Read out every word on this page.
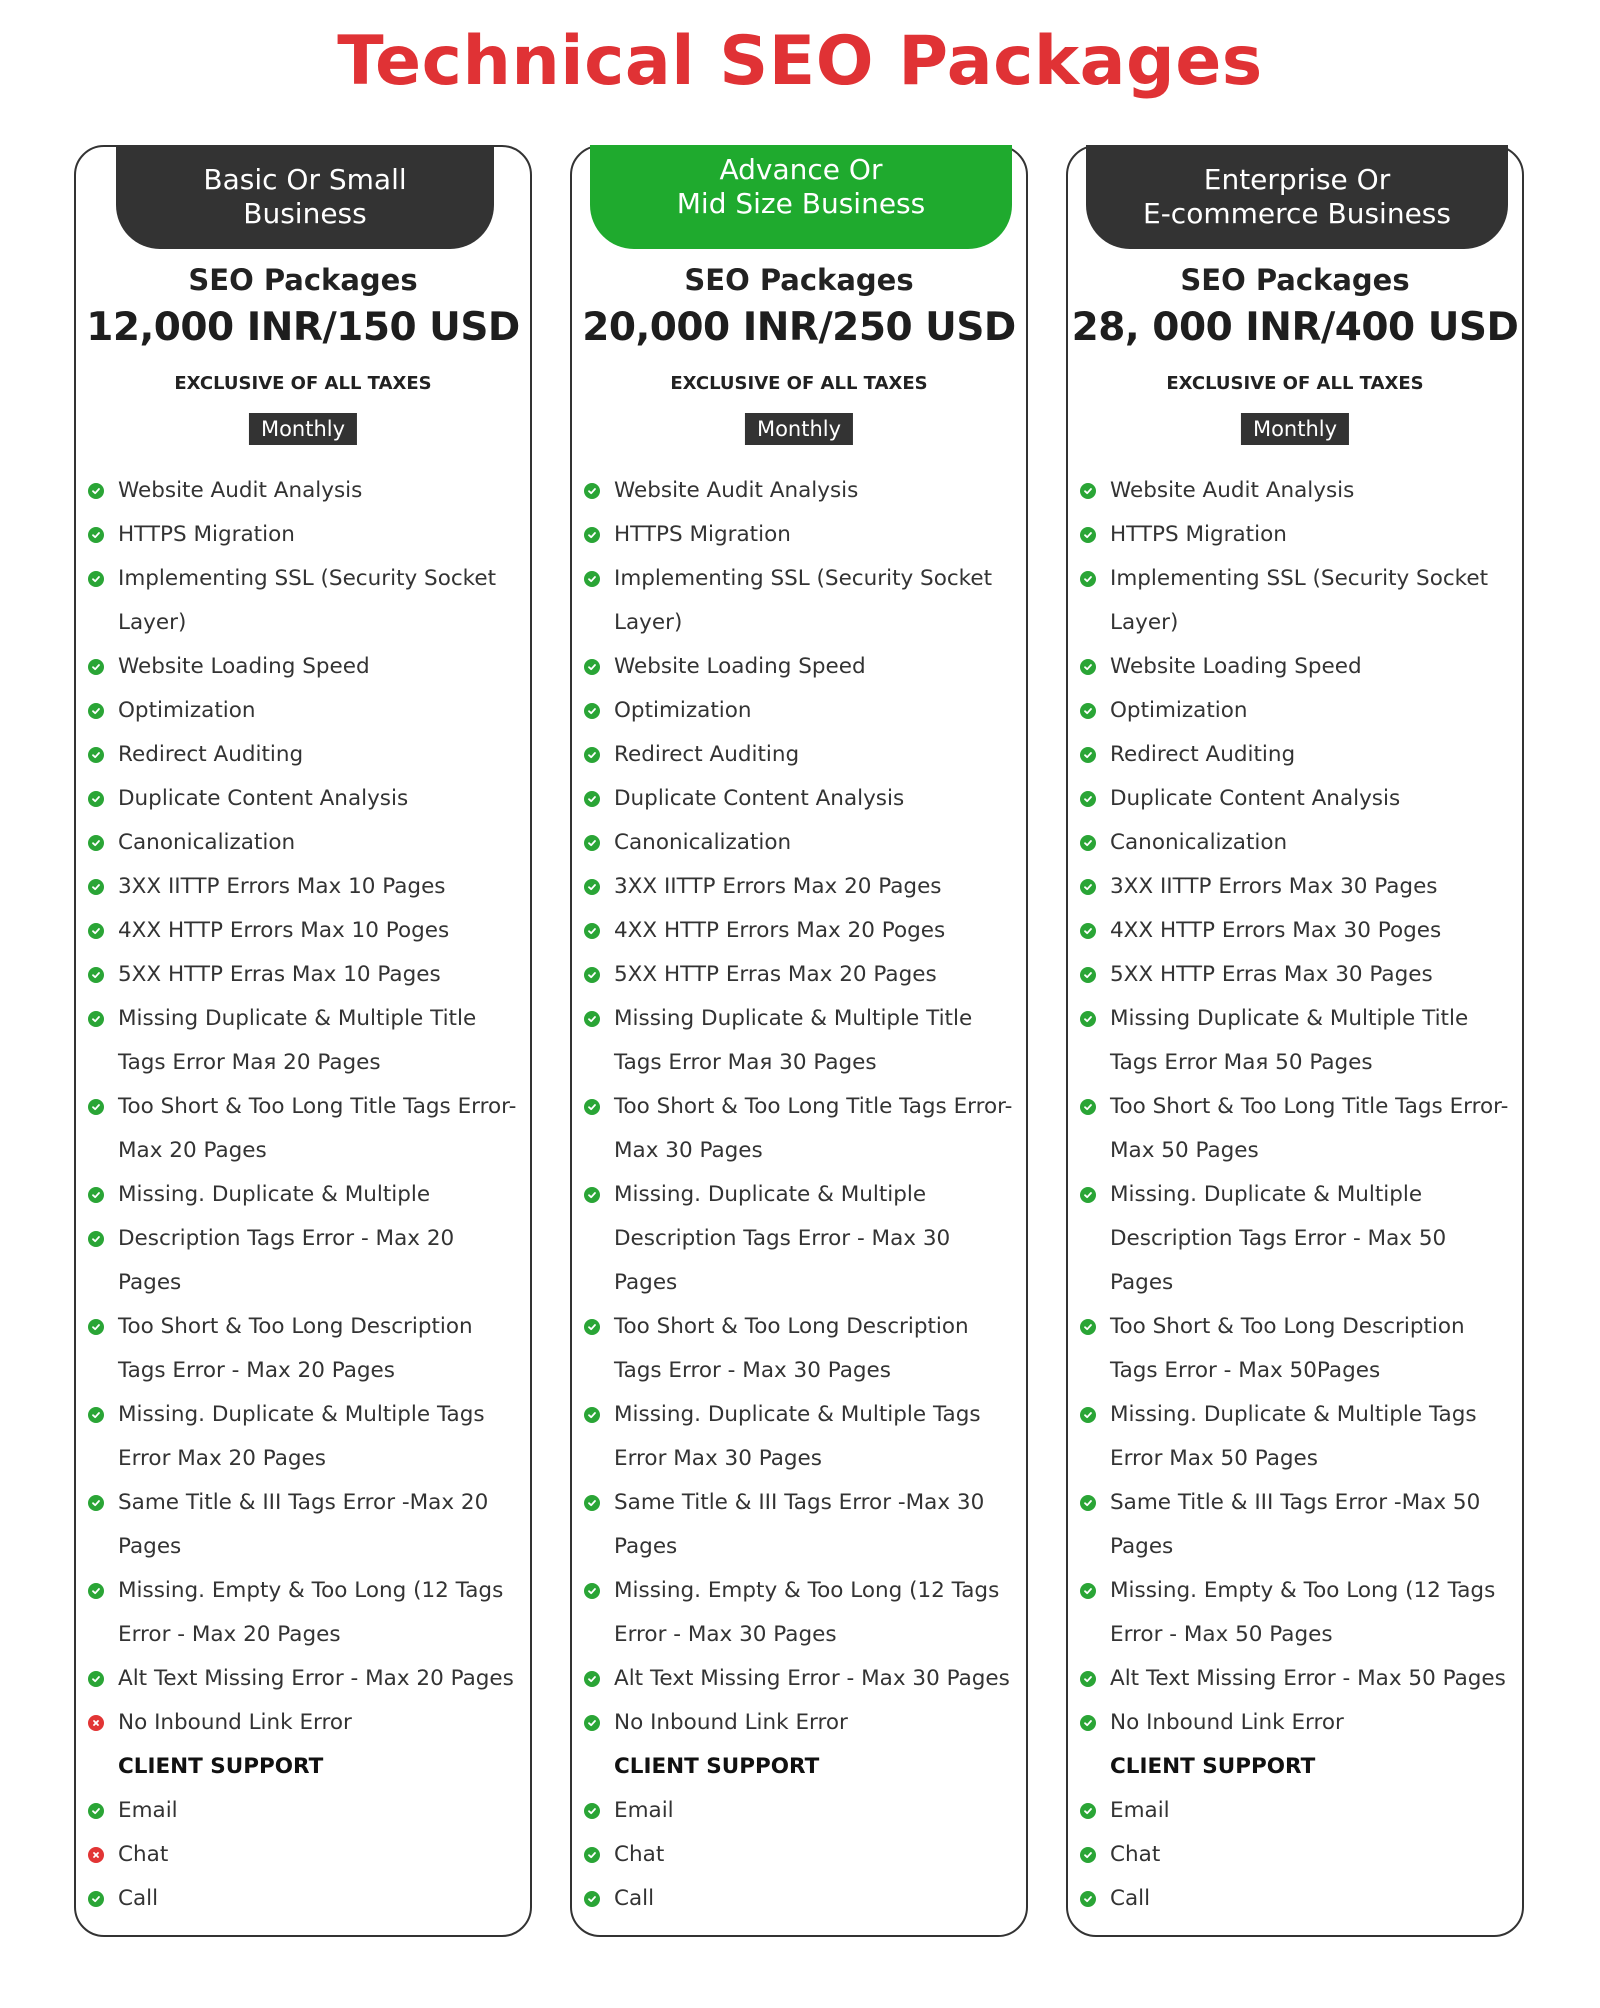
Technical SEO Packages
Basic Or Small
Business
SEO Packages
12,000 INR/150 USD
EXCLUSIVE OF ALL TAXES
Monthly
Website Audit Analysis
HTTPS Migration
Implementing SSL (Security Socket
Layer)
Website Loading Speed
Optimization
Redirect Auditing
Duplicate Content Analysis
Canonicalization
3XX IITTP Errors Max 10 Pages
4XX HTTP Errors Max 10 Poges
5XX HTTP Erras Max 10 Pages
Missing Duplicate & Multiple Title
Tags Error Мая 20 Pages
Too Short & Too Long Title Tags Error-
Max 20 Pages
Missing. Duplicate & Multiple
Description Tags Error - Max 20
Pages
Too Short & Too Long Description
Tags Error - Max 20 Pages
Missing. Duplicate & Multiple Tags
Error Max 20 Pages
Same Title & III Tags Error -Max 20
Pages
Missing. Empty & Too Long (12 Tags
Error - Max 20 Pages
Alt Text Missing Error - Max 20 Pages
No Inbound Link Error
CLIENT SUPPORT
Email
Chat
Call
Advance Or
Mid Size Business
SEO Packages
20,000 INR/250 USD
EXCLUSIVE OF ALL TAXES
Monthly
Website Audit Analysis
HTTPS Migration
Implementing SSL (Security Socket
Layer)
Website Loading Speed
Optimization
Redirect Auditing
Duplicate Content Analysis
Canonicalization
3XX IITTP Errors Max 20 Pages
4XX HTTP Errors Max 20 Poges
5XX HTTP Erras Max 20 Pages
Missing Duplicate & Multiple Title
Tags Error Мая 30 Pages
Too Short & Too Long Title Tags Error-
Max 30 Pages
Missing. Duplicate & Multiple
Description Tags Error - Max 30
Pages
Too Short & Too Long Description
Tags Error - Max 30 Pages
Missing. Duplicate & Multiple Tags
Error Max 30 Pages
Same Title & III Tags Error -Max 30
Pages
Missing. Empty & Too Long (12 Tags
Error - Max 30 Pages
Alt Text Missing Error - Max 30 Pages
No Inbound Link Error
CLIENT SUPPORT
Email
Chat
Call
Enterprise Or
E-commerce Business
SEO Packages
28, 000 INR/400 USD
EXCLUSIVE OF ALL TAXES
Monthly
Website Audit Analysis
HTTPS Migration
Implementing SSL (Security Socket
Layer)
Website Loading Speed
Optimization
Redirect Auditing
Duplicate Content Analysis
Canonicalization
3XX IITTP Errors Max 30 Pages
4XX HTTP Errors Max 30 Poges
5XX HTTP Erras Max 30 Pages
Missing Duplicate & Multiple Title
Tags Error Мая 50 Pages
Too Short & Too Long Title Tags Error-
Max 50 Pages
Missing. Duplicate & Multiple
Description Tags Error - Max 50
Pages
Too Short & Too Long Description
Tags Error - Max 50Pages
Missing. Duplicate & Multiple Tags
Error Max 50 Pages
Same Title & III Tags Error -Max 50
Pages
Missing. Empty & Too Long (12 Tags
Error - Max 50 Pages
Alt Text Missing Error - Max 50 Pages
No Inbound Link Error
CLIENT SUPPORT
Email
Chat
Call
